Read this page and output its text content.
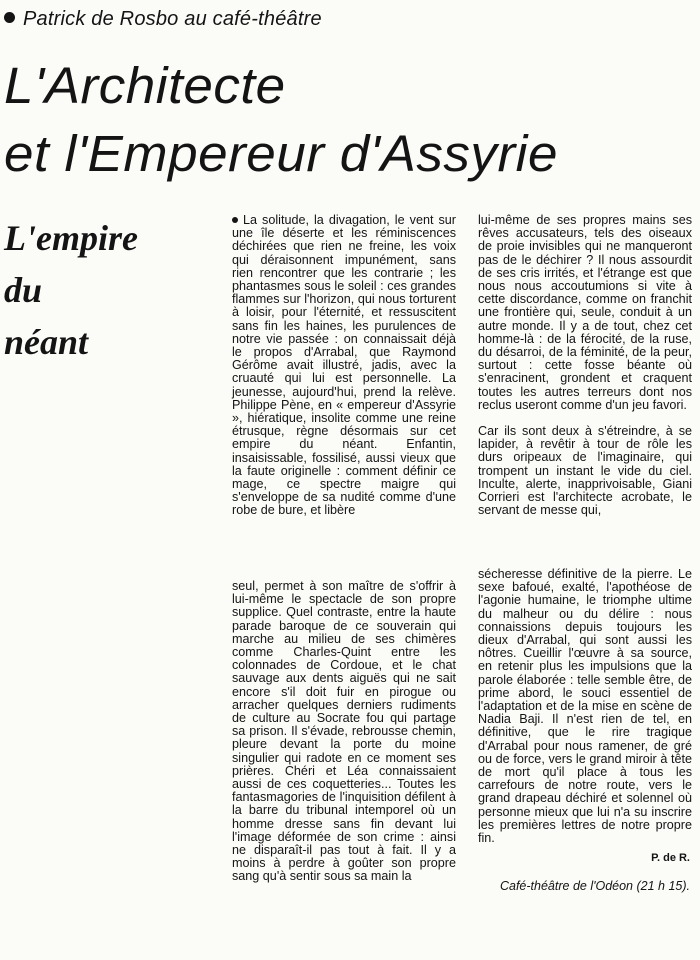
Patrick de Rosbo au café-théâtre
L'Architecte
et l'Empereur d'Assyrie
L'empire
du
néant

La solitude, la divagation, le vent sur une île déserte et les réminiscences déchirées que rien ne freine, les voix qui déraisonnent impunément, sans rien rencontrer que les contrarie ; les phantasmes sous le soleil : ces grandes flammes sur l'horizon, qui nous torturent à loisir, pour l'éternité, et ressuscitent sans fin les haines, les purulences de notre vie passée : on connaissait déjà le propos d'Arrabal, que Raymond Gérôme avait illustré, jadis, avec la cruauté qui lui est personnelle. La jeunesse, aujourd'hui, prend la relève. Philippe Pène, en « empereur d'Assyrie », hiératique, insolite comme une reine étrusque, règne désormais sur cet empire du néant. Enfantin, insaisissable, fossilisé, aussi vieux que la faute originelle : comment définir ce mage, ce spectre maigre qui s'enveloppe de sa nudité comme d'une robe de bure, et libère

lui-même de ses propres mains ses rêves accusateurs, tels des oiseaux de proie invisibles qui ne manqueront pas de le déchirer ? Il nous assourdit de ses cris irrités, et l'étrange est que nous nous accoutumions si vite à cette discordance, comme on franchit une frontière qui, seule, conduit à un autre monde. Il y a de tout, chez cet homme-là : de la férocité, de la ruse, du désarroi, de la féminité, de la peur, surtout : cette fosse béante où s'enracinent, grondent et craquent toutes les autres terreurs dont nos reclus useront comme d'un jeu favori.

Car ils sont deux à s'étreindre, à se lapider, à revêtir à tour de rôle les durs oripeaux de l'imaginaire, qui trompent un instant le vide du ciel. Inculte, alerte, inapprivoisable, Giani Corrieri est l'architecte acrobate, le servant de messe qui,

seul, permet à son maître de s'offrir à lui-même le spectacle de son propre supplice. Quel contraste, entre la haute parade baroque de ce souverain qui marche au milieu de ses chimères comme Charles-Quint entre les colonnades de Cordoue, et le chat sauvage aux dents aiguës qui ne sait encore s'il doit fuir en pirogue ou arracher quelques derniers rudiments de culture au Socrate fou qui partage sa prison. Il s'évade, rebrousse chemin, pleure devant la porte du moine singulier qui radote en ce moment ses prières. Chéri et Léa connaissaient aussi de ces coquetteries... Toutes les fantasmagories de l'inquisition défilent à la barre du tribunal intemporel où un homme dresse sans fin devant lui l'image déformée de son crime : ainsi ne disparaît-il pas tout à fait. Il y a moins à perdre à goûter son propre sang qu'à sentir sous sa main la

sécheresse définitive de la pierre. Le sexe bafoué, exalté, l'apothéose de l'agonie humaine, le triomphe ultime du malheur ou du délire : nous connaissions depuis toujours les dieux d'Arrabal, qui sont aussi les nôtres. Cueillir l'œuvre à sa source, en retenir plus les impulsions que la parole élaborée : telle semble être, de prime abord, le souci essentiel de l'adaptation et de la mise en scène de Nadia Baji. Il n'est rien de tel, en définitive, que le rire tragique d'Arrabal pour nous ramener, de gré ou de force, vers le grand miroir à tête de mort qu'il place à tous les carrefours de notre route, vers le grand drapeau déchiré et solennel où personne mieux que lui n'a su inscrire les premières lettres de notre propre fin.

P. de R.
Café-théâtre de l'Odéon (21 h 15).
